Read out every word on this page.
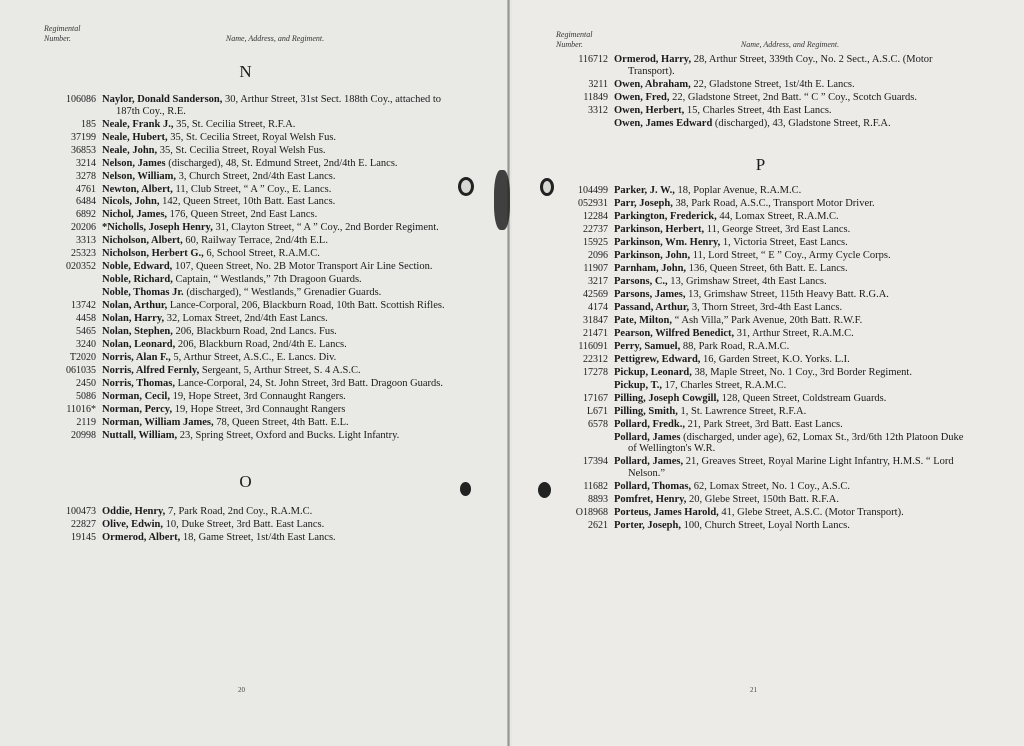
Regimental
Number.	Name, Address, and Regiment.
N
106086 Naylor, Donald Sanderson, 30, Arthur Street, 31st Sect. 188th Coy., attached to 187th Coy., R.E.
185 Neale, Frank J., 35, St. Cecilia Street, R.F.A.
37199 Neale, Hubert, 35, St. Cecilia Street, Royal Welsh Fus.
36853 Neale, John, 35, St. Cecilia Street, Royal Welsh Fus.
3214 Nelson, James (discharged), 48, St. Edmund Street, 2nd/4th E. Lancs.
3278 Nelson, William, 3, Church Street, 2nd/4th East Lancs.
4761 Newton, Albert, 11, Club Street, “ A ” Coy., E. Lancs.
6484 Nicols, John, 142, Queen Street, 10th Batt. East Lancs.
6892 Nichol, James, 176, Queen Street, 2nd East Lancs.
20206 *Nicholls, Joseph Henry, 31, Clayton Street, “ A ” Coy., 2nd Border Regiment.
3313 Nicholson, Albert, 60, Railway Terrace, 2nd/4th E.L.
25323 Nicholson, Herbert G., 6, School Street, R.A.M.C.
020352 Noble, Edward, 107, Queen Street, No. 2B Motor Transport Air Line Section.
Noble, Richard, Captain, “ Westlands,” 7th Dragoon Guards.
Noble, Thomas Jr. (discharged), “ Westlands,” Grenadier Guards.
13742 Nolan, Arthur, Lance-Corporal, 206, Blackburn Road, 10th Batt. Scottish Rifles.
4458 Nolan, Harry, 32, Lomax Street, 2nd/4th East Lancs.
5465 Nolan, Stephen, 206, Blackburn Road, 2nd Lancs. Fus.
3240 Nolan, Leonard, 206, Blackburn Road, 2nd/4th E. Lancs.
T2020 Norris, Alan F., 5, Arthur Street, A.S.C., E. Lancs. Div.
061035 Norris, Alfred Fernly, Sergeant, 5, Arthur Street, S. 4 A.S.C.
2450 Norris, Thomas, Lance-Corporal, 24, St. John Street, 3rd Batt. Dragoon Guards.
5086 Norman, Cecil, 19, Hope Street, 3rd Connaught Rangers.
11016* Norman, Percy, 19, Hope Street, 3rd Connaught Rangers
2119 Norman, William James, 78, Queen Street, 4th Batt. E.L.
20998 Nuttall, William, 23, Spring Street, Oxford and Bucks. Light Infantry.
O
100473 Oddie, Henry, 7, Park Road, 2nd Coy., R.A.M.C.
22827 Olive, Edwin, 10, Duke Street, 3rd Batt. East Lancs.
19145 Ormerod, Albert, 18, Game Street, 1st/4th East Lancs.
20
Regimental
Number.	Name, Address, and Regiment.
116712 Ormerod, Harry, 28, Arthur Street, 339th Coy., No. 2 Sect., A.S.C. (Motor Transport).
3211 Owen, Abraham, 22, Gladstone Street, 1st/4th E. Lancs.
11849 Owen, Fred, 22, Gladstone Street, 2nd Batt. “ C ” Coy., Scotch Guards.
3312 Owen, Herbert, 15, Charles Street, 4th East Lancs.
Owen, James Edward (discharged), 43, Gladstone Street, R.F.A.
P
104499 Parker, J. W., 18, Poplar Avenue, R.A.M.C.
052931 Parr, Joseph, 38, Park Road, A.S.C., Transport Motor Driver.
12284 Parkington, Frederick, 44, Lomax Street, R.A.M.C.
22737 Parkinson, Herbert, 11, George Street, 3rd East Lancs.
15925 Parkinson, Wm. Henry, 1, Victoria Street, East Lancs.
2096 Parkinson, John, 11, Lord Street, “ E ” Coy., Army Cycle Corps.
11907 Parnham, John, 136, Queen Street, 6th Batt. E. Lancs.
3217 Parsons, C., 13, Grimshaw Street, 4th East Lancs.
42569 Parsons, James, 13, Grimshaw Street, 115th Heavy Batt. R.G.A.
4174 Passand, Arthur, 3, Thorn Street, 3rd-4th East Lancs.
31847 Pate, Milton, “ Ash Villa,” Park Avenue, 20th Batt. R.W.F.
21471 Pearson, Wilfred Benedict, 31, Arthur Street, R.A.M.C.
116091 Perry, Samuel, 88, Park Road, R.A.M.C.
22312 Pettigrew, Edward, 16, Garden Street, K.O. Yorks. L.I.
17278 Pickup, Leonard, 38, Maple Street, No. 1 Coy., 3rd Border Regiment.
Pickup, T., 17, Charles Street, R.A.M.C.
17167 Pilling, Joseph Cowgill, 128, Queen Street, Coldstream Guards.
L671 Pilling, Smith, 1, St. Lawrence Street, R.F.A.
6578 Pollard, Fredk., 21, Park Street, 3rd Batt. East Lancs.
Pollard, James (discharged, under age), 62, Lomax St., 3rd/6th 12th Platoon Duke of Wellington's W.R.
17394 Pollard, James, 21, Greaves Street, Royal Marine Light Infantry, H.M.S. “ Lord Nelson.”
11682 Pollard, Thomas, 62, Lomax Street, No. 1 Coy., A.S.C.
8893 Pomfret, Henry, 20, Glebe Street, 150th Batt. R.F.A.
O18968 Porteus, James Harold, 41, Glebe Street, A.S.C. (Motor Transport).
2621 Porter, Joseph, 100, Church Street, Loyal North Lancs.
21
